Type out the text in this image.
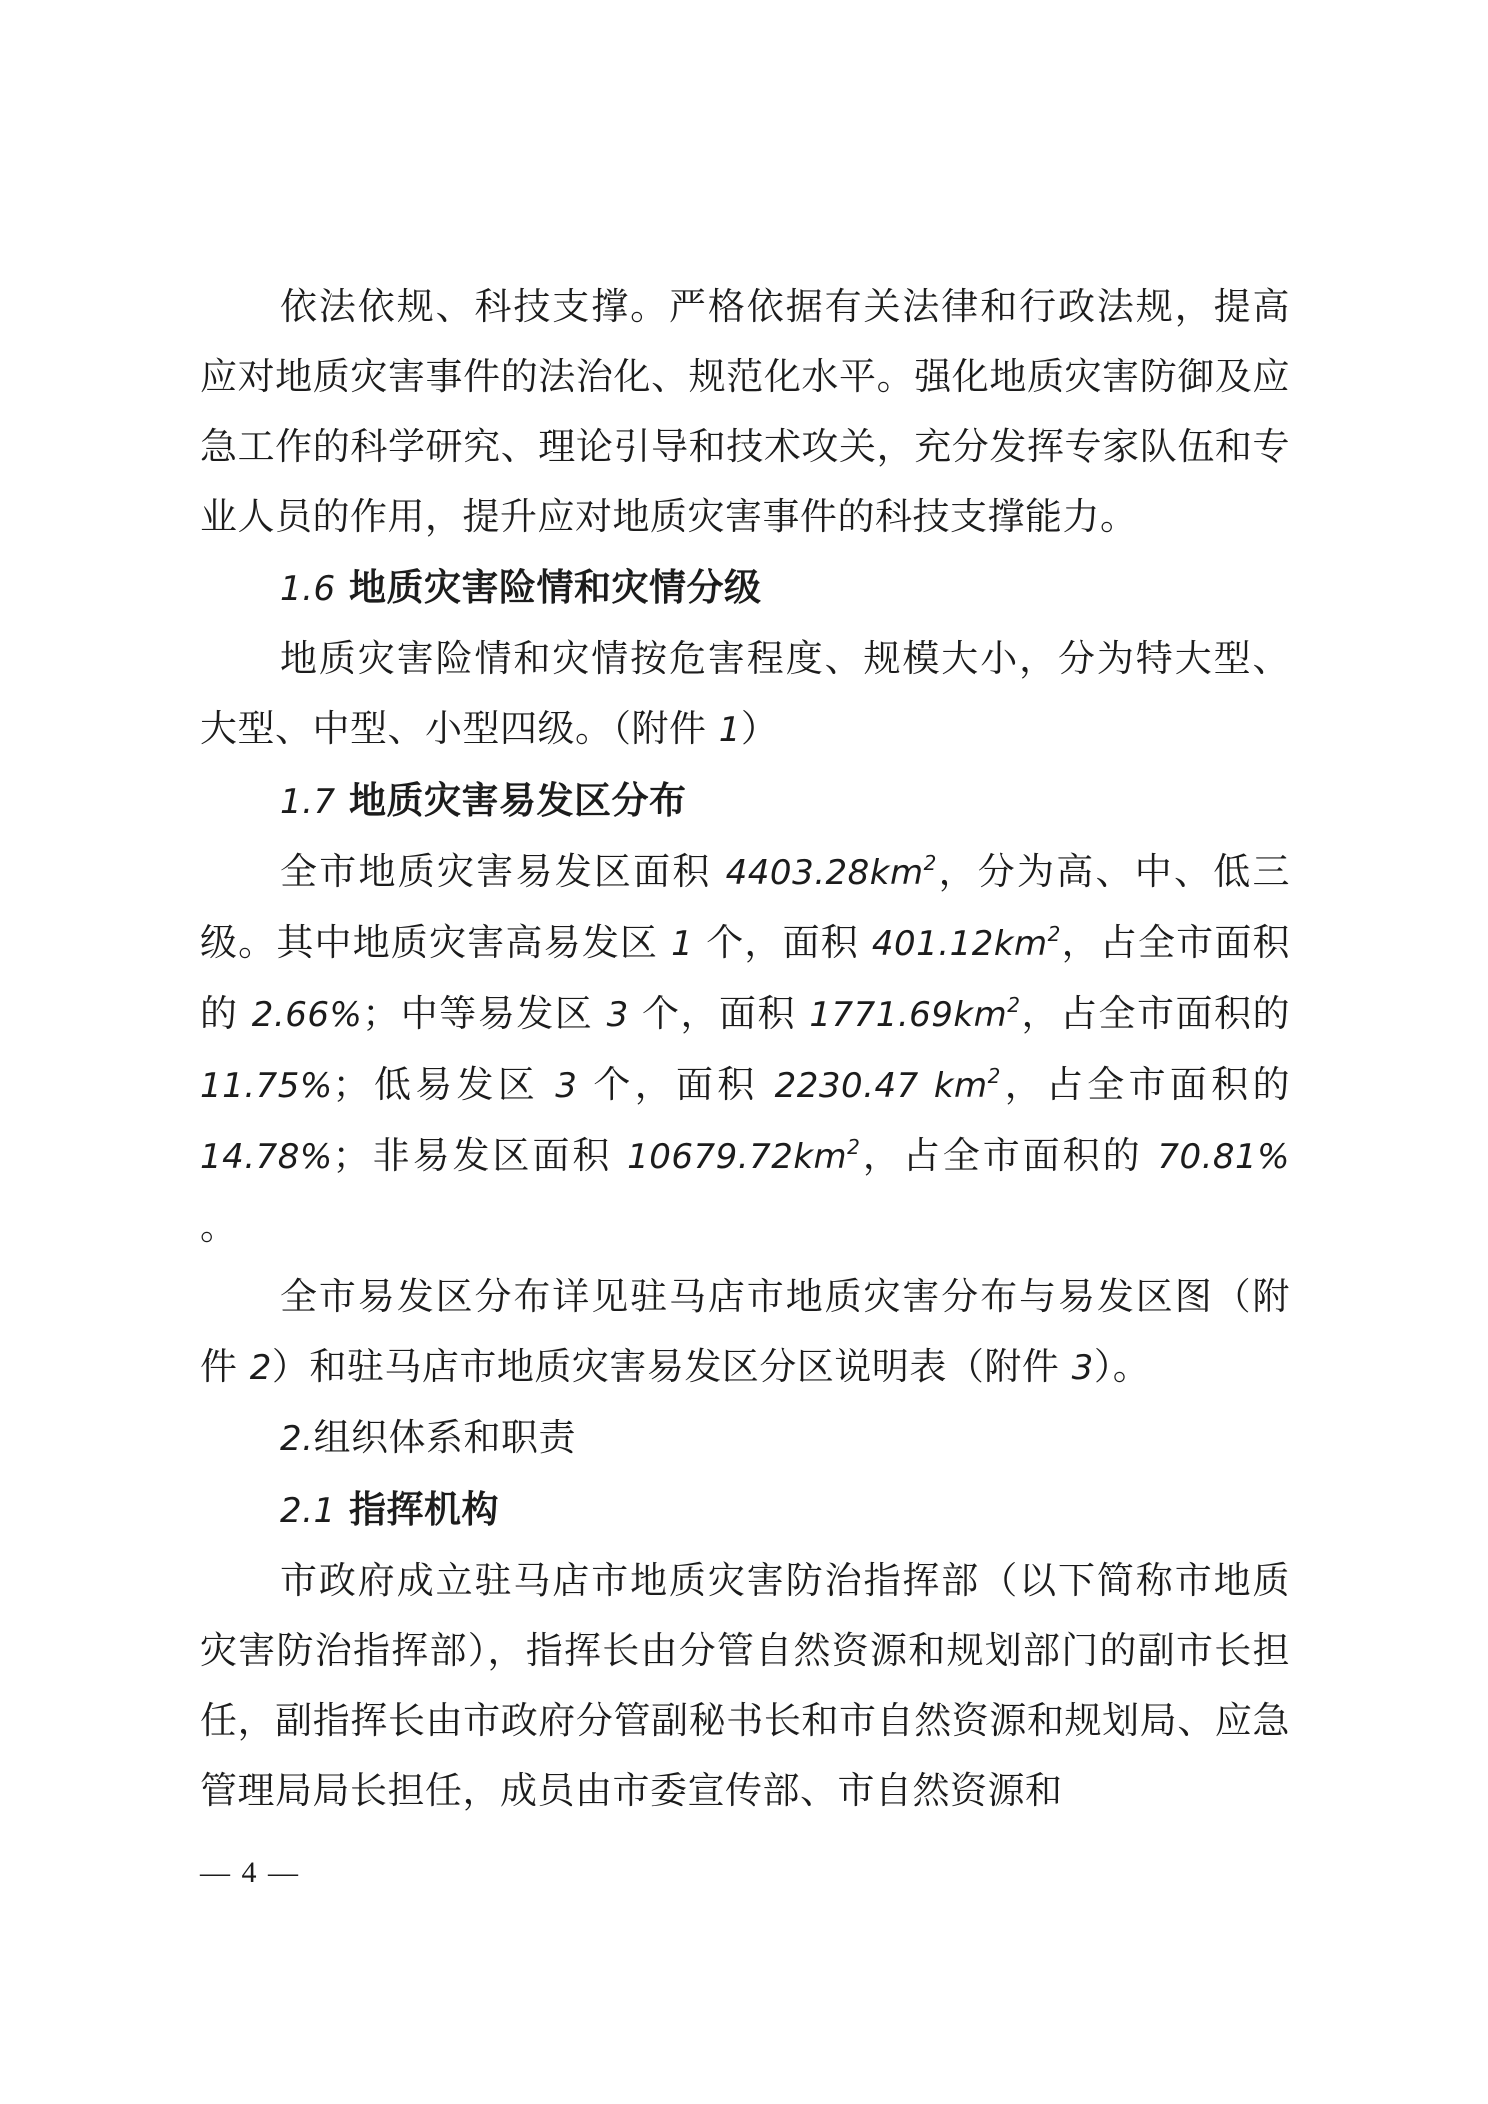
依法依规、科技支撑。严格依据有关法律和行政法规，提高应对地质灾害事件的法治化、规范化水平。强化地质灾害防御及应急工作的科学研究、理论引导和技术攻关，充分发挥专家队伍和专业人员的作用，提升应对地质灾害事件的科技支撑能力。

1.6 地质灾害险情和灾情分级

地质灾害险情和灾情按危害程度、规模大小，分为特大型、大型、中型、小型四级。（附件 1）

1.7 地质灾害易发区分布

全市地质灾害易发区面积 $4403.28km^2$，分为高、中、低三级。其中地质灾害高易发区 1 个，面积 $401.12km^2$，占全市面积的 2.66%；中等易发区 3 个，面积 $1771.69km^2$，占全市面积的 11.75%；低易发区 3 个，面积 2230.47 $km^2$，占全市面积的 14.78%；非易发区面积 $10679.72km^2$，占全市面积的 70.81% 。

全市易发区分布详见驻马店市地质灾害分布与易发区图（附件 2）和驻马店市地质灾害易发区分区说明表（附件 3）。

2.组织体系和职责

2.1 指挥机构

市政府成立驻马店市地质灾害防治指挥部（以下简称市地质灾害防治指挥部），指挥长由分管自然资源和规划部门的副市长担任，副指挥长由市政府分管副秘书长和市自然资源和规划局、应急管理局局长担任，成员由市委宣传部、市自然资源和

— 4 —
